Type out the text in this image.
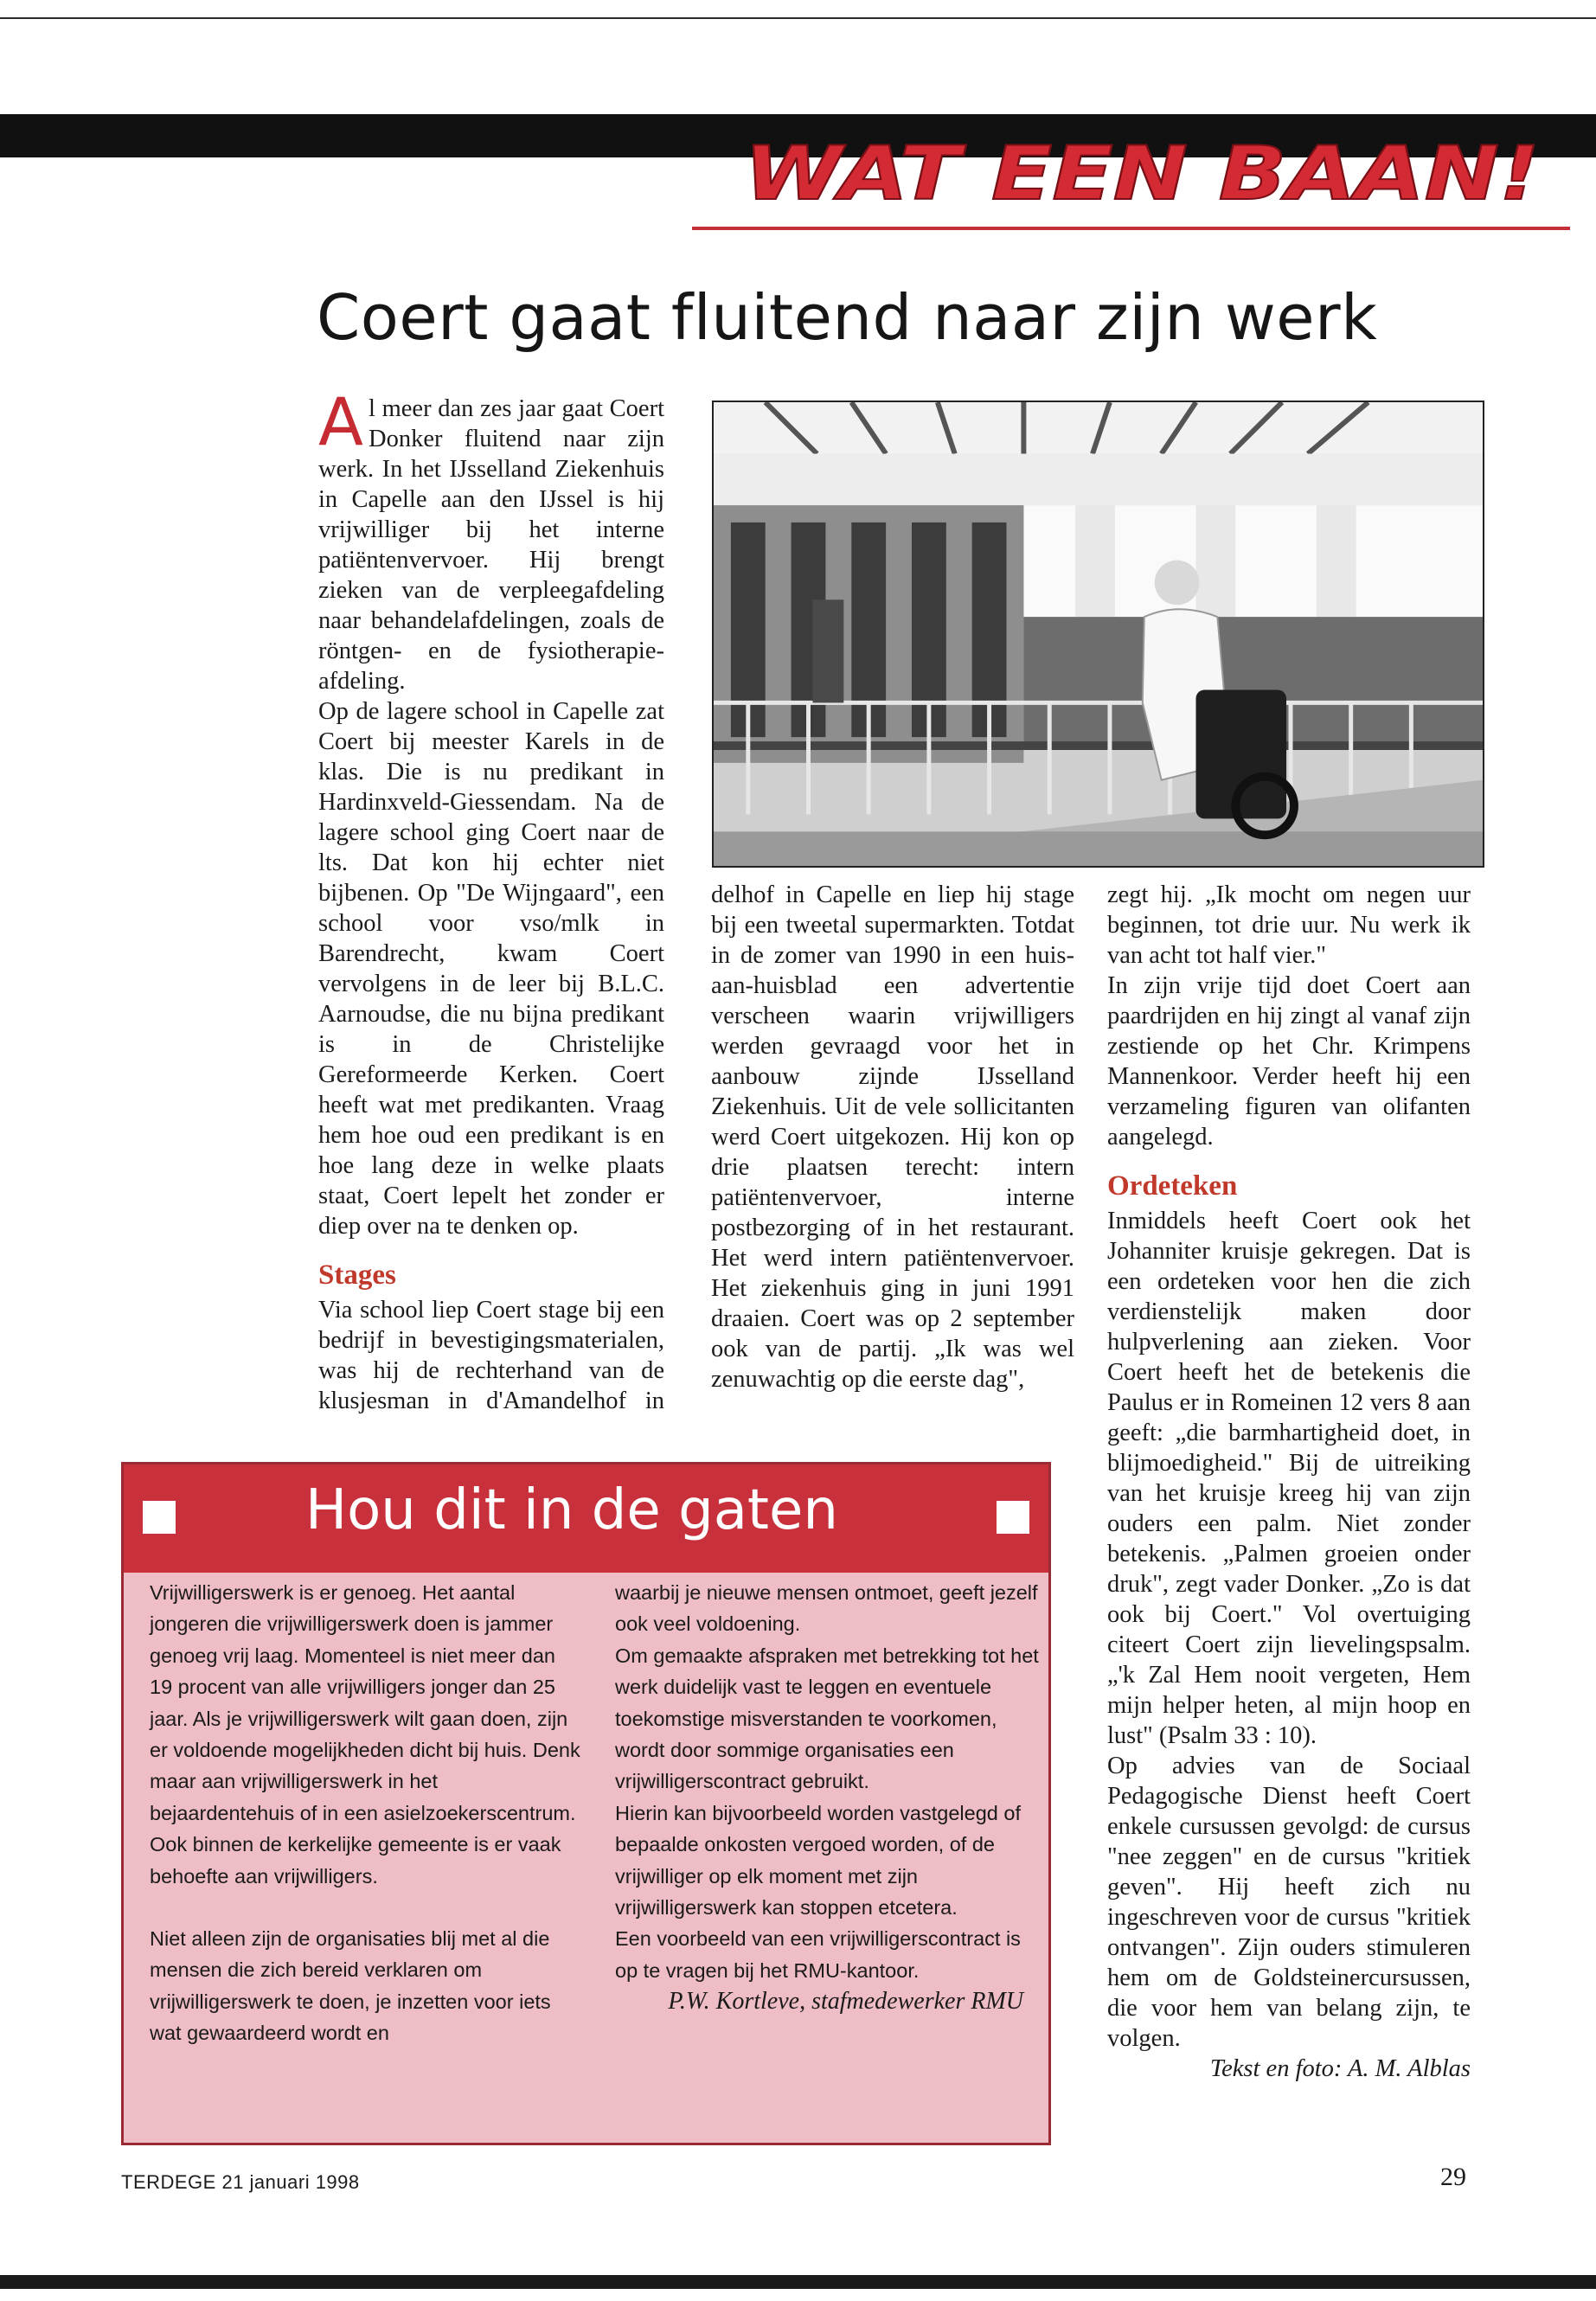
WAT EEN BAAN!
Coert gaat fluitend naar zijn werk

Al meer dan zes jaar gaat Coert Donker fluitend naar zijn werk. In het IJsselland Ziekenhuis in Capelle aan den IJssel is hij vrijwilliger bij het interne patiëntenvervoer. Hij brengt zieken van de verpleegafdeling naar behandelafdelingen, zoals de röntgen- en de fysiotherapie-afdeling.

Op de lagere school in Capelle zat Coert bij meester Karels in de klas. Die is nu predikant in Hardinxveld-Giessendam. Na de lagere school ging Coert naar de lts. Dat kon hij echter niet bijbenen. Op "De Wijngaard", een school voor vso/mlk in Barendrecht, kwam Coert vervolgens in de leer bij B.L.C. Aarnoudse, die nu bijna predikant is in de Christelijke Gereformeerde Kerken. Coert heeft wat met predikanten. Vraag hem hoe oud een predikant is en hoe lang deze in welke plaats staat, Coert lepelt het zonder er diep over na te denken op.

Stages

Via school liep Coert stage bij een bedrijf in bevestigingsmaterialen, was hij de rechterhand van de klusjesman in d'Amandelhof in

delhof in Capelle en liep hij stage bij een tweetal supermarkten. Totdat in de zomer van 1990 in een huis-aan-huisblad een advertentie verscheen waarin vrijwilligers werden gevraagd voor het in aanbouw zijnde IJsselland Ziekenhuis. Uit de vele sollicitanten werd Coert uitgekozen. Hij kon op drie plaatsen terecht: intern patiëntenvervoer, interne postbezorging of in het restaurant. Het werd intern patiëntenvervoer. Het ziekenhuis ging in juni 1991 draaien. Coert was op 2 september ook van de partij. „Ik was wel zenuwachtig op die eerste dag",

zegt hij. „Ik mocht om negen uur beginnen, tot drie uur. Nu werk ik van acht tot half vier."

In zijn vrije tijd doet Coert aan paardrijden en hij zingt al vanaf zijn zestiende op het Chr. Krimpens Mannenkoor. Verder heeft hij een verzameling figuren van olifanten aangelegd.

Ordeteken

Inmiddels heeft Coert ook het Johanniter kruisje gekregen. Dat is een ordeteken voor hen die zich verdienstelijk maken door hulpverlening aan zieken. Voor Coert heeft het de betekenis die Paulus er in Romeinen 12 vers 8 aan geeft: „die barmhartigheid doet, in blijmoedigheid." Bij de uitreiking van het kruisje kreeg hij van zijn ouders een palm. Niet zonder betekenis. „Palmen groeien onder druk", zegt vader Donker. „Zo is dat ook bij Coert." Vol overtuiging citeert Coert zijn lievelingspsalm. „'k Zal Hem nooit vergeten, Hem mijn helper heten, al mijn hoop en lust" (Psalm 33 : 10).

Op advies van de Sociaal Pedagogische Dienst heeft Coert enkele cursussen gevolgd: de cursus "nee zeggen" en de cursus "kritiek geven". Hij heeft zich nu ingeschreven voor de cursus "kritiek ontvangen". Zijn ouders stimuleren hem om de Goldsteinercursussen, die voor hem van belang zijn, te volgen.

Tekst en foto: A. M. Alblas

Hou dit in de gaten

Vrijwilligerswerk is er genoeg. Het aantal jongeren die vrijwilligerswerk doen is jammer genoeg vrij laag. Momenteel is niet meer dan 19 procent van alle vrijwilligers jonger dan 25 jaar. Als je vrijwilligerswerk wilt gaan doen, zijn er voldoende mogelijkheden dicht bij huis. Denk maar aan vrijwilligerswerk in het bejaardentehuis of in een asielzoekerscentrum. Ook binnen de kerkelijke gemeente is er vaak behoefte aan vrijwilligers.

Niet alleen zijn de organisaties blij met al die mensen die zich bereid verklaren om vrijwilligerswerk te doen, je inzetten voor iets wat gewaardeerd wordt en

waarbij je nieuwe mensen ontmoet, geeft jezelf ook veel voldoening.

Om gemaakte afspraken met betrekking tot het werk duidelijk vast te leggen en eventuele toekomstige misverstanden te voorkomen, wordt door sommige organisaties een vrijwilligerscontract gebruikt.

Hierin kan bijvoorbeeld worden vastgelegd of bepaalde onkosten vergoed worden, of de vrijwilliger op elk moment met zijn vrijwilligerswerk kan stoppen etcetera.

Een voorbeeld van een vrijwilligerscontract is op te vragen bij het RMU-kantoor.

P.W. Kortleve, stafmedewerker RMU

TERDEGE 21 januari 1998	29
